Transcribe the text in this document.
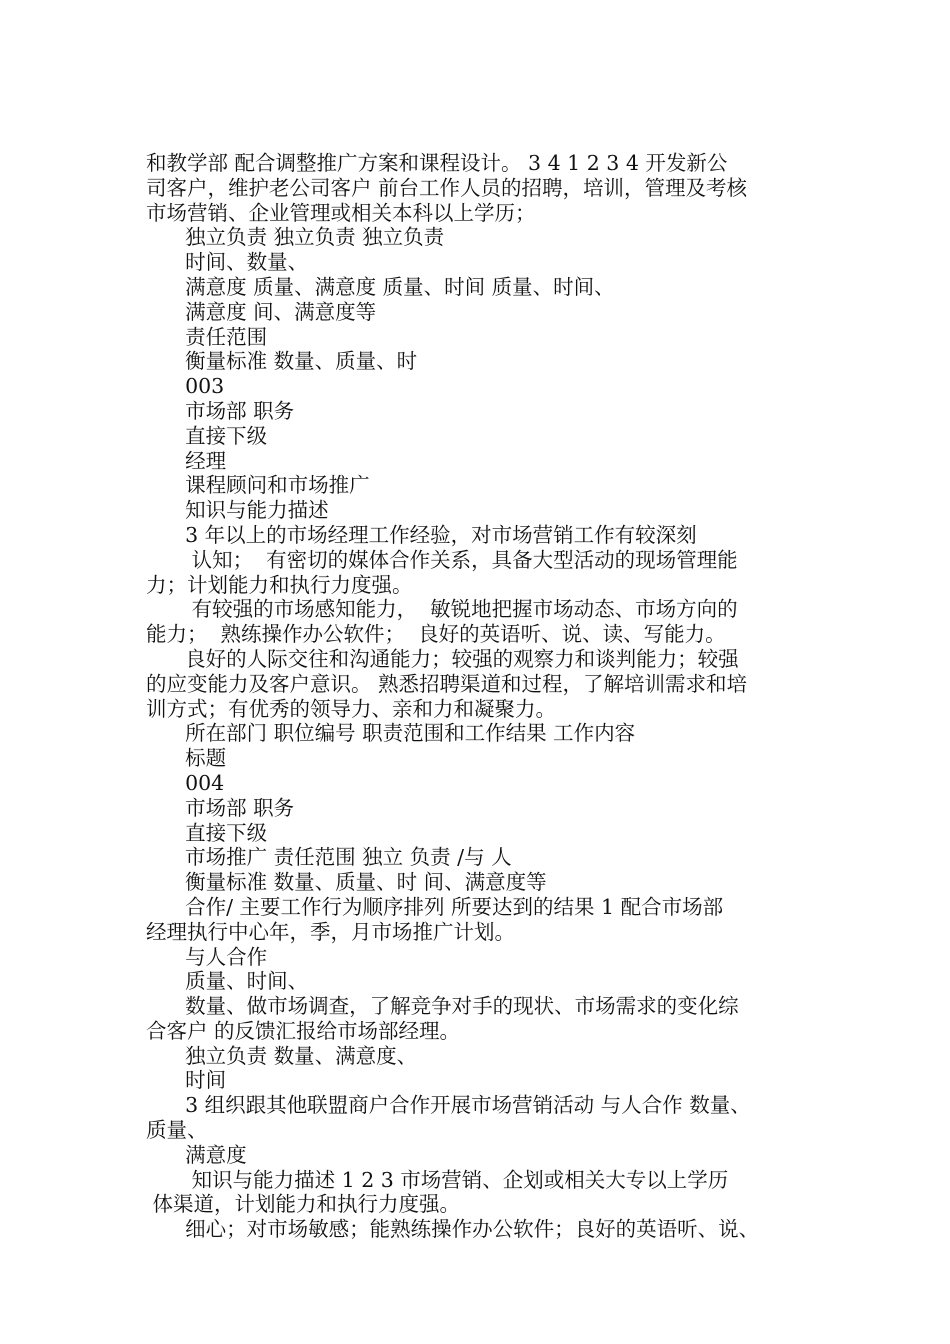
和教学部 配合调整推广方案和课程设计。 3 4 1 2 3 4 开发新公
司客户，维护老公司客户 前台工作人员的招聘，培训，管理及考核
市场营销、企业管理或相关本科以上学历；
独立负责 独立负责 独立负责
时间、数量、
满意度 质量、满意度 质量、时间 质量、时间、
满意度 间、满意度等
责任范围
衡量标准 数量、质量、时
003
市场部 职务
直接下级
经理
课程顾问和市场推广
知识与能力描述
3 年以上的市场经理工作经验，对市场营销工作有较深刻
认知；  有密切的媒体合作关系，具备大型活动的现场管理能
力；计划能力和执行力度强。
有较强的市场感知能力，  敏锐地把握市场动态、市场方向的
能力；  熟练操作办公软件；  良好的英语听、说、读、写能力。
良好的人际交往和沟通能力；较强的观察力和谈判能力；较强
的应变能力及客户意识。 熟悉招聘渠道和过程，了解培训需求和培
训方式；有优秀的领导力、亲和力和凝聚力。
所在部门 职位编号 职责范围和工作结果 工作内容
标题
004
市场部 职务
直接下级
市场推广 责任范围 独立 负责 /与 人
衡量标准 数量、质量、时 间、满意度等
合作/ 主要工作行为顺序排列 所要达到的结果 1 配合市场部
经理执行中心年，季，月市场推广计划。
与人合作
质量、时间、
数量、做市场调查，了解竞争对手的现状、市场需求的变化综
合客户 的反馈汇报给市场部经理。
独立负责 数量、满意度、
时间
3 组织跟其他联盟商户合作开展市场营销活动 与人合作 数量、
质量、
满意度
知识与能力描述 1 2 3 市场营销、企划或相关大专以上学历
体渠道，计划能力和执行力度强。
细心；对市场敏感；能熟练操作办公软件；良好的英语听、说、
